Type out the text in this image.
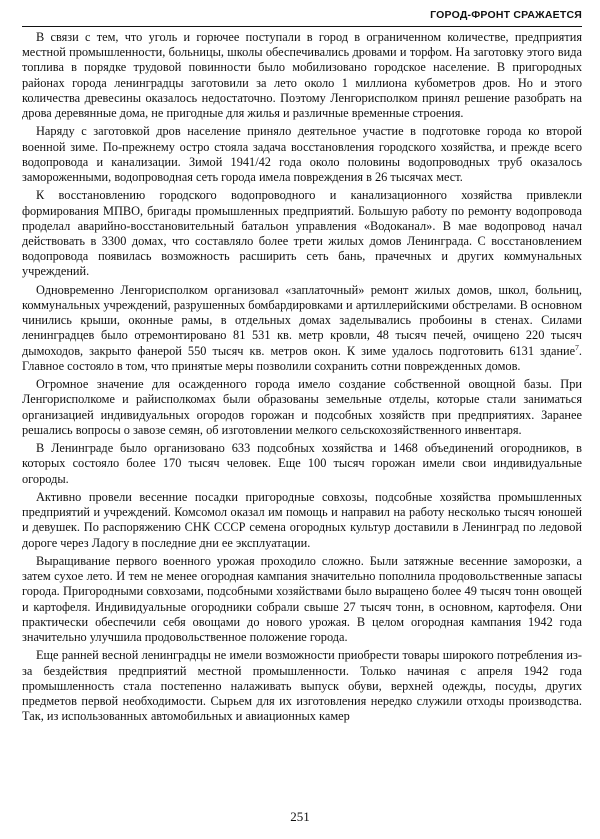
ГОРОД-ФРОНТ СРАЖАЕТСЯ

В связи с тем, что уголь и горючее поступали в город в ограниченном количестве, предприятия местной промышленности, больницы, школы обеспечивались дровами и торфом. На заготовку этого вида топлива в порядке трудовой повинности было мобилизовано городское население. В пригородных районах города ленинградцы заготовили за лето около 1 миллиона кубометров дров. Но и этого количества древесины оказалось недостаточно. Поэтому Ленгорисполком принял решение разобрать на дрова деревянные дома, не пригодные для жилья и различные временные строения.

Наряду с заготовкой дров население приняло деятельное участие в подготовке города ко второй военной зиме. По-прежнему остро стояла задача восстановления городского хозяйства, и прежде всего водопровода и канализации. Зимой 1941/42 года около половины водопроводных труб оказалось замороженными, водопроводная сеть города имела повреждения в 26 тысячах мест.

К восстановлению городского водопроводного и канализационного хозяйства привлекли формирования МПВО, бригады промышленных предприятий. Большую работу по ремонту водопровода проделал аварийно-восстановительный батальон управления «Водоканал». В мае водопровод начал действовать в 3300 домах, что составляло более трети жилых домов Ленинграда. С восстановлением водопровода появилась возможность расширить сеть бань, прачечных и других коммунальных учреждений.

Одновременно Ленгорисполком организовал «заплаточный» ремонт жилых домов, школ, больниц, коммунальных учреждений, разрушенных бомбардировками и артиллерийскими обстрелами. В основном чинились крыши, оконные рамы, в отдельных домах заделывались пробоины в стенах. Силами ленинградцев было отремонтировано 81 531 кв. метр кровли, 48 тысяч печей, очищено 220 тысяч дымоходов, закрыто фанерой 550 тысяч кв. метров окон. К зиме удалось подготовить 6131 здание$^7$. Главное состояло в том, что принятые меры позволили сохранить сотни поврежденных домов.

Огромное значение для осажденного города имело создание собственной овощной базы. При Ленгорисполкоме и райисполкомах были образованы земельные отделы, которые стали заниматься организацией индивидуальных огородов горожан и подсобных хозяйств при предприятиях. Заранее решались вопросы о завозе семян, об изготовлении мелкого сельскохозяйственного инвентаря.

В Ленинграде было организовано 633 подсобных хозяйства и 1468 объединений огородников, в которых состояло более 170 тысяч человек. Еще 100 тысяч горожан имели свои индивидуальные огороды.

Активно провели весенние посадки пригородные совхозы, подсобные хозяйства промышленных предприятий и учреждений. Комсомол оказал им помощь и направил на работу несколько тысяч юношей и девушек. По распоряжению СНК СССР семена огородных культур доставили в Ленинград по ледовой дороге через Ладогу в последние дни ее эксплуатации.

Выращивание первого военного урожая проходило сложно. Были затяжные весенние заморозки, а затем сухое лето. И тем не менее огородная кампания значительно пополнила продовольственные запасы города. Пригородными совхозами, подсобными хозяйствами было выращено более 49 тысяч тонн овощей и картофеля. Индивидуальные огородники собрали свыше 27 тысяч тонн, в основном, картофеля. Они практически обеспечили себя овощами до нового урожая. В целом огородная кампания 1942 года значительно улучшила продовольственное положение города.

Еще ранней весной ленинградцы не имели возможности приобрести товары широкого потребления из-за бездействия предприятий местной промышленности. Только начиная с апреля 1942 года промышленность стала постепенно налаживать выпуск обуви, верхней одежды, посуды, других предметов первой необходимости. Сырьем для их изготовления нередко служили отходы производства. Так, из использованных автомобильных и авиационных камер

251
